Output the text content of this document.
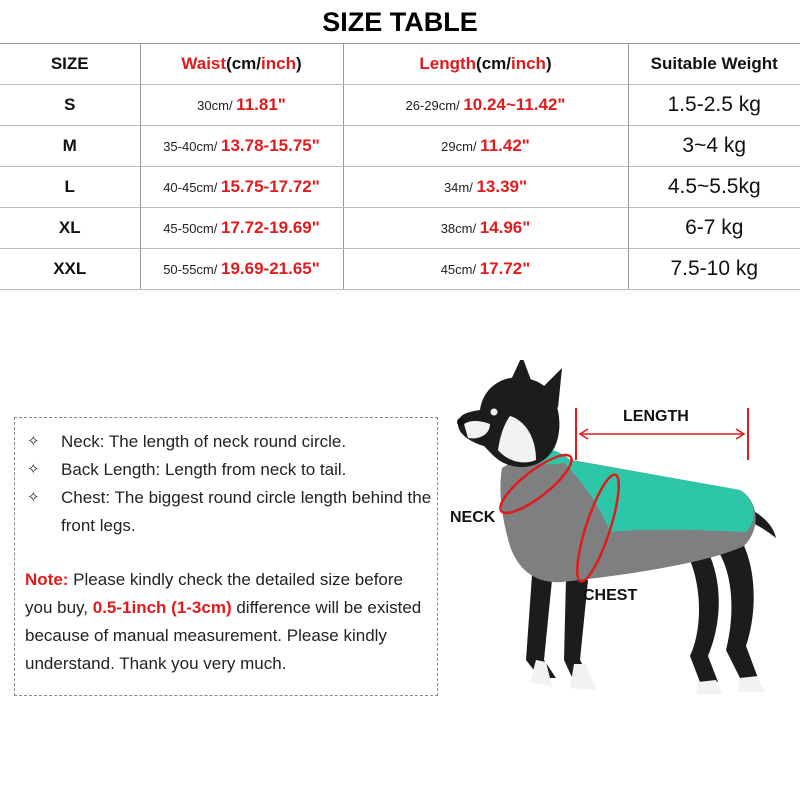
SIZE TABLE
SIZE	Waist(cm/inch)	Length(cm/inch)	Suitable Weight
S	30cm/ 11.81"	26-29cm/ 10.24~11.42"	1.5-2.5 kg
M	35-40cm/ 13.78-15.75"	29cm/ 11.42"	3~4 kg
L	40-45cm/ 15.75-17.72"	34m/ 13.39"	4.5~5.5kg
XL	45-50cm/ 17.72-19.69"	38cm/ 14.96"	6-7 kg
XXL	50-55cm/ 19.69-21.65"	45cm/ 17.72"	7.5-10 kg
✧	Neck: The length of neck round circle.
✧	Back Length: Length from neck to tail.
✧	Chest: The biggest round circle length behind the front legs.
Note: Please kindly check the detailed size before you buy, 0.5-1inch (1-3cm) difference will be existed because of manual measurement. Please kindly understand. Thank you very much.
LENGTH
NECK
CHEST
